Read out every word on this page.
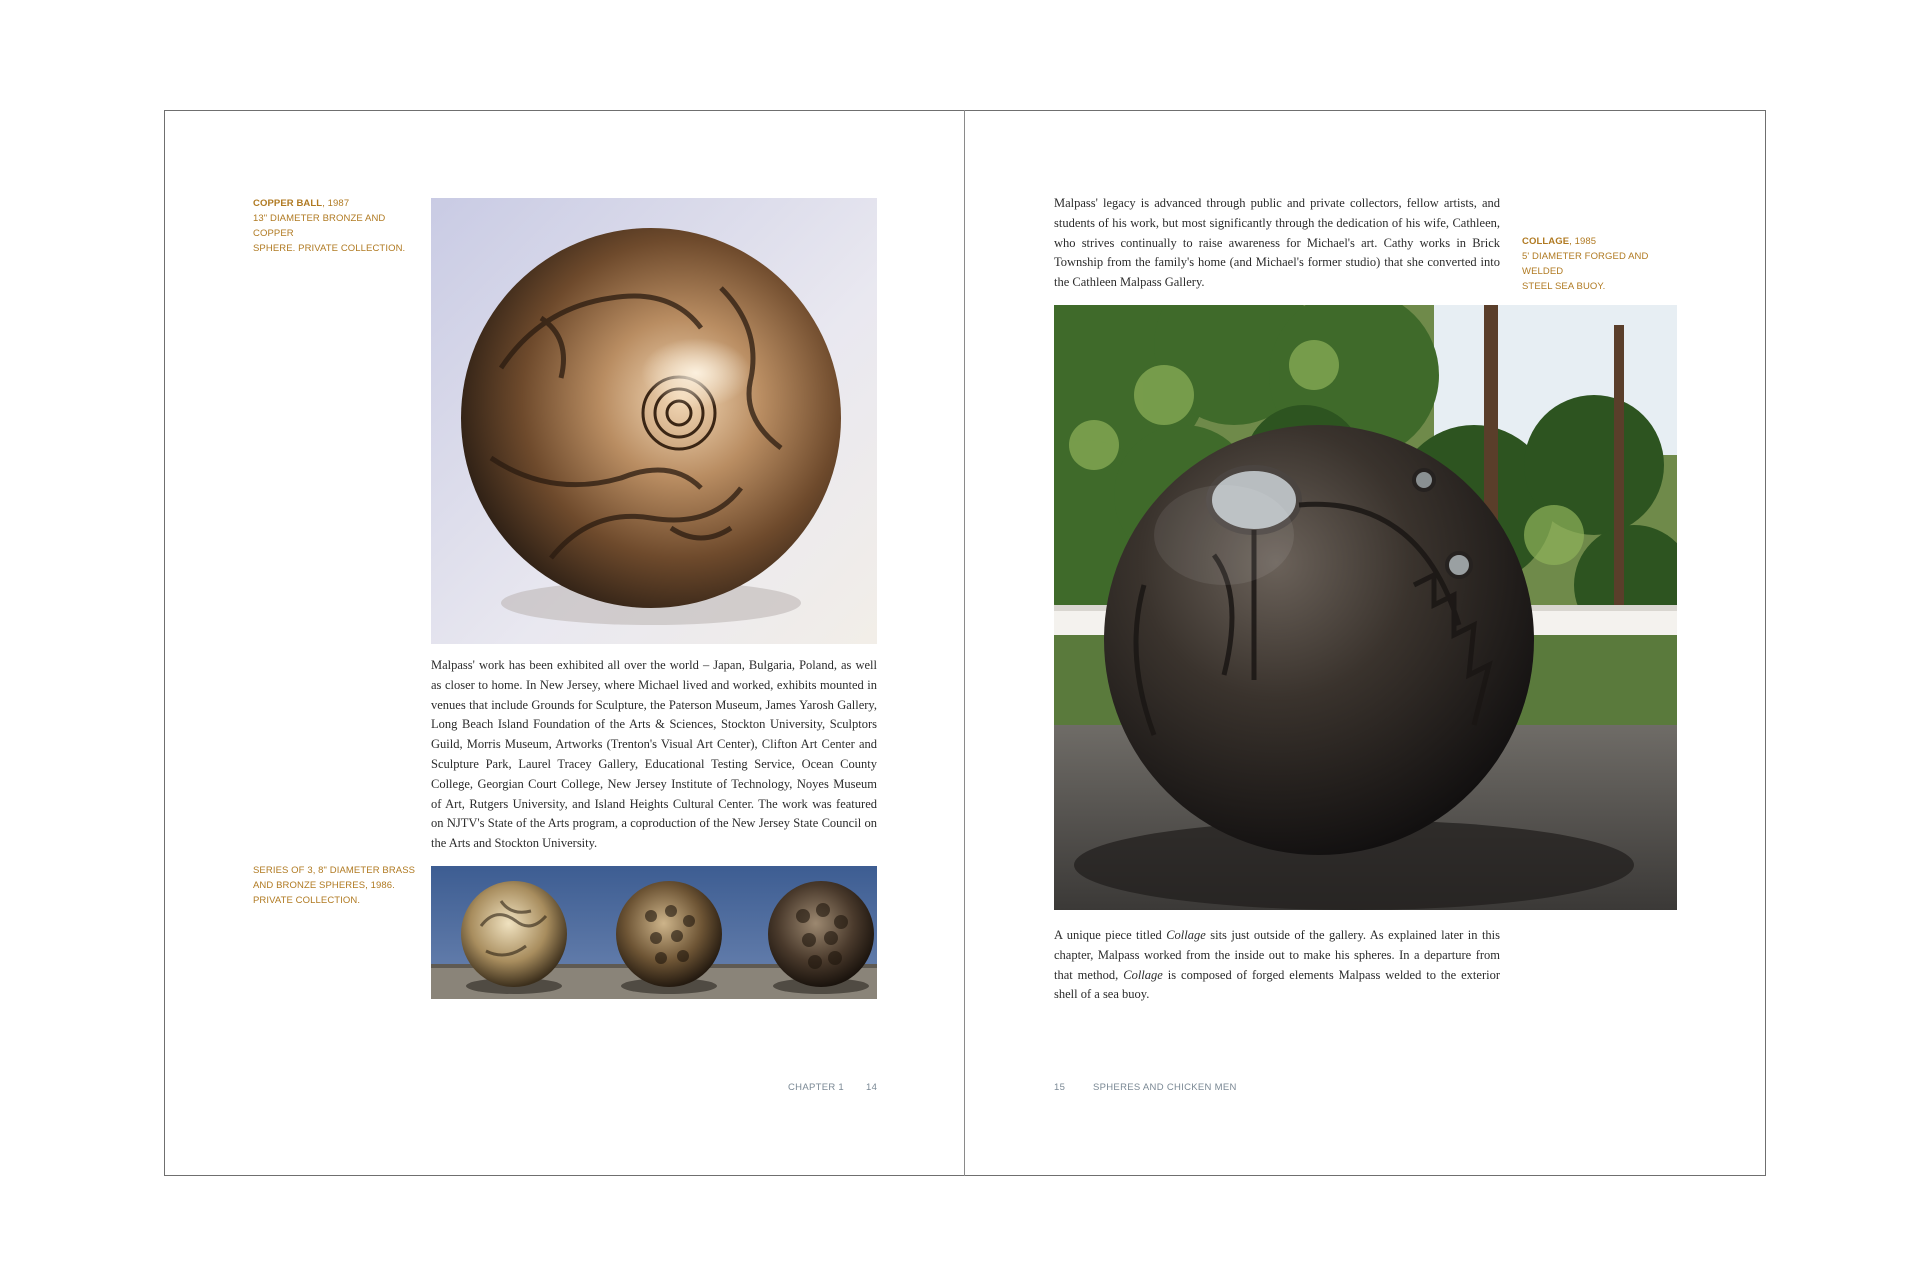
COPPER BALL, 1987
13" DIAMETER BRONZE AND COPPER
SPHERE. PRIVATE COLLECTION.
Malpass' work has been exhibited all over the world – Japan, Bulgaria, Poland, as well as closer to home. In New Jersey, where Michael lived and worked, exhibits mounted in venues that include Grounds for Sculpture, the Paterson Museum, James Yarosh Gallery, Long Beach Island Foundation of the Arts & Sciences, Stockton University, Sculptors Guild, Morris Museum, Artworks (Trenton's Visual Art Center), Clifton Art Center and Sculpture Park, Laurel Tracey Gallery, Educational Testing Service, Ocean County College, Georgian Court College, New Jersey Institute of Technology, Noyes Museum of Art, Rutgers University, and Island Heights Cultural Center. The work was featured on NJTV's State of the Arts program, a coproduction of the New Jersey State Council on the Arts and Stockton University.
SERIES OF 3, 8" DIAMETER BRASS
AND BRONZE SPHERES, 1986.
PRIVATE COLLECTION.
CHAPTER 1 14
Malpass' legacy is advanced through public and private collectors, fellow artists, and students of his work, but most significantly through the dedication of his wife, Cathleen, who strives continually to raise awareness for Michael's art. Cathy works in Brick Township from the family's home (and Michael's former studio) that she converted into the Cathleen Malpass Gallery.
COLLAGE, 1985
5' DIAMETER FORGED AND WELDED
STEEL SEA BUOY.
A unique piece titled Collage sits just outside of the gallery. As explained later in this chapter, Malpass worked from the inside out to make his spheres. In a departure from that method, Collage is composed of forged elements Malpass welded to the exterior shell of a sea buoy.
15	SPHERES AND CHICKEN MEN
